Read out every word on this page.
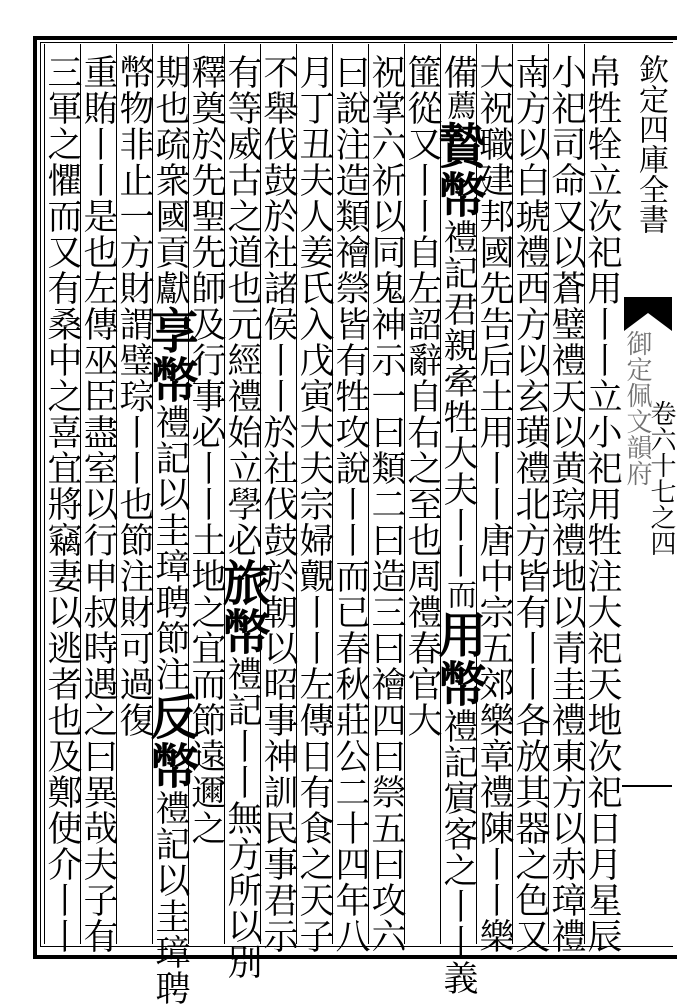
欽定四庫全書
御定佩文韻府
卷六十七之四
帛牲牷立次祀用丨丨立小祀用牲注大祀天地次祀日月星辰
小祀司命又以蒼璧禮天以黄琮禮地以青圭禮東方以赤璋禮
南方以白琥禮西方以玄璜禮北方皆有丨丨各放其器之色又
大祝職建邦國先告后土用丨丨唐中宗五郊樂章禮陳丨丨樂
備薦贄幣禮記君親牽牲大夫丨丨而用幣禮記賔客之丨丨義
篚從又丨丨自左詔辭自右之至也周禮春官大
祝掌六祈以同鬼神示一曰類二曰造三曰禬四曰禜五曰攻六
曰說注造類禬禜皆有牲攻說丨丨而已春秋莊公二十四年八
月丁丑夫人姜氏入戊寅大夫宗婦覿丨丨左傳日有食之天子
不舉伐鼓於社諸侯丨丨於社伐鼓於朝以昭事神訓民事君示
有等威古之道也元經禮始立學必旅幣禮記丨丨無方所以別
釋奠於先聖先師及行事必丨丨土地之宜而節遠邇之
期也疏衆國貢獻享幣禮記以圭璋聘節注反幣禮記以圭璋聘
幣物非止一方財謂璧琮丨丨也節注財可過復
重賄丨丨是也左傳巫臣盡室以行申叔時遇之曰異哉夫子有
三軍之懼而又有桑中之喜宜將竊妻以逃者也及鄭使介丨丨
